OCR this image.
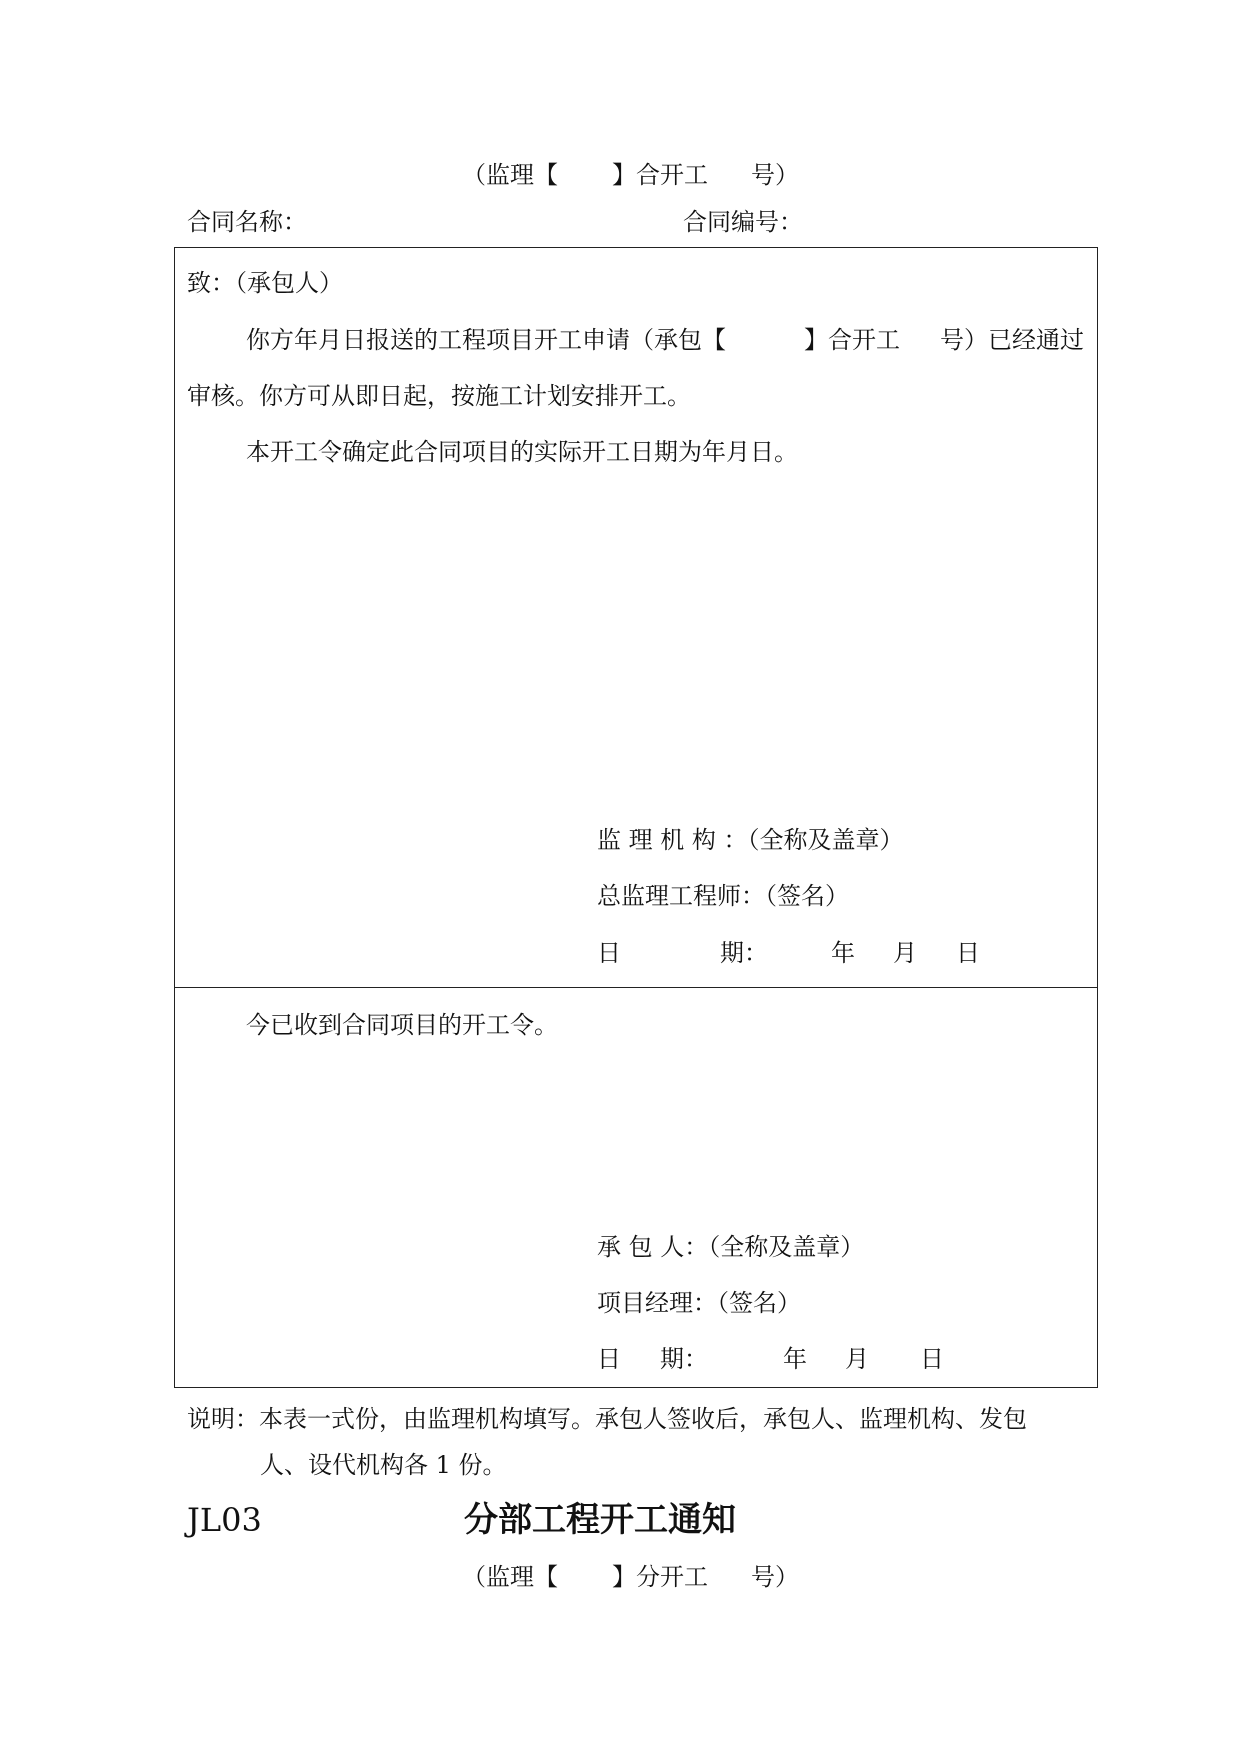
（监理【 】合开工 号）
合同名称：	合同编号：
致：（承包人）
你方年月日报送的工程项目开工申请（承包【	】合开工 号）已经通过
审核。你方可从即日起，按施工计划安排开工。
本开工令确定此合同项目的实际开工日期为年月日。
监 理 机 构 ：（全称及盖章）
总监理工程师：（签名）
日	期：	年 月 日
今已收到合同项目的开工令。
承 包 人：（全称及盖章）
项目经理：（签名）
日 期：	年 月 日
说明：本表一式份，由监理机构填写。承包人签收后，承包人、监理机构、发包
人、设代机构各 1 份。
JL03	分部工程开工通知
（监理【 】分开工 号）
